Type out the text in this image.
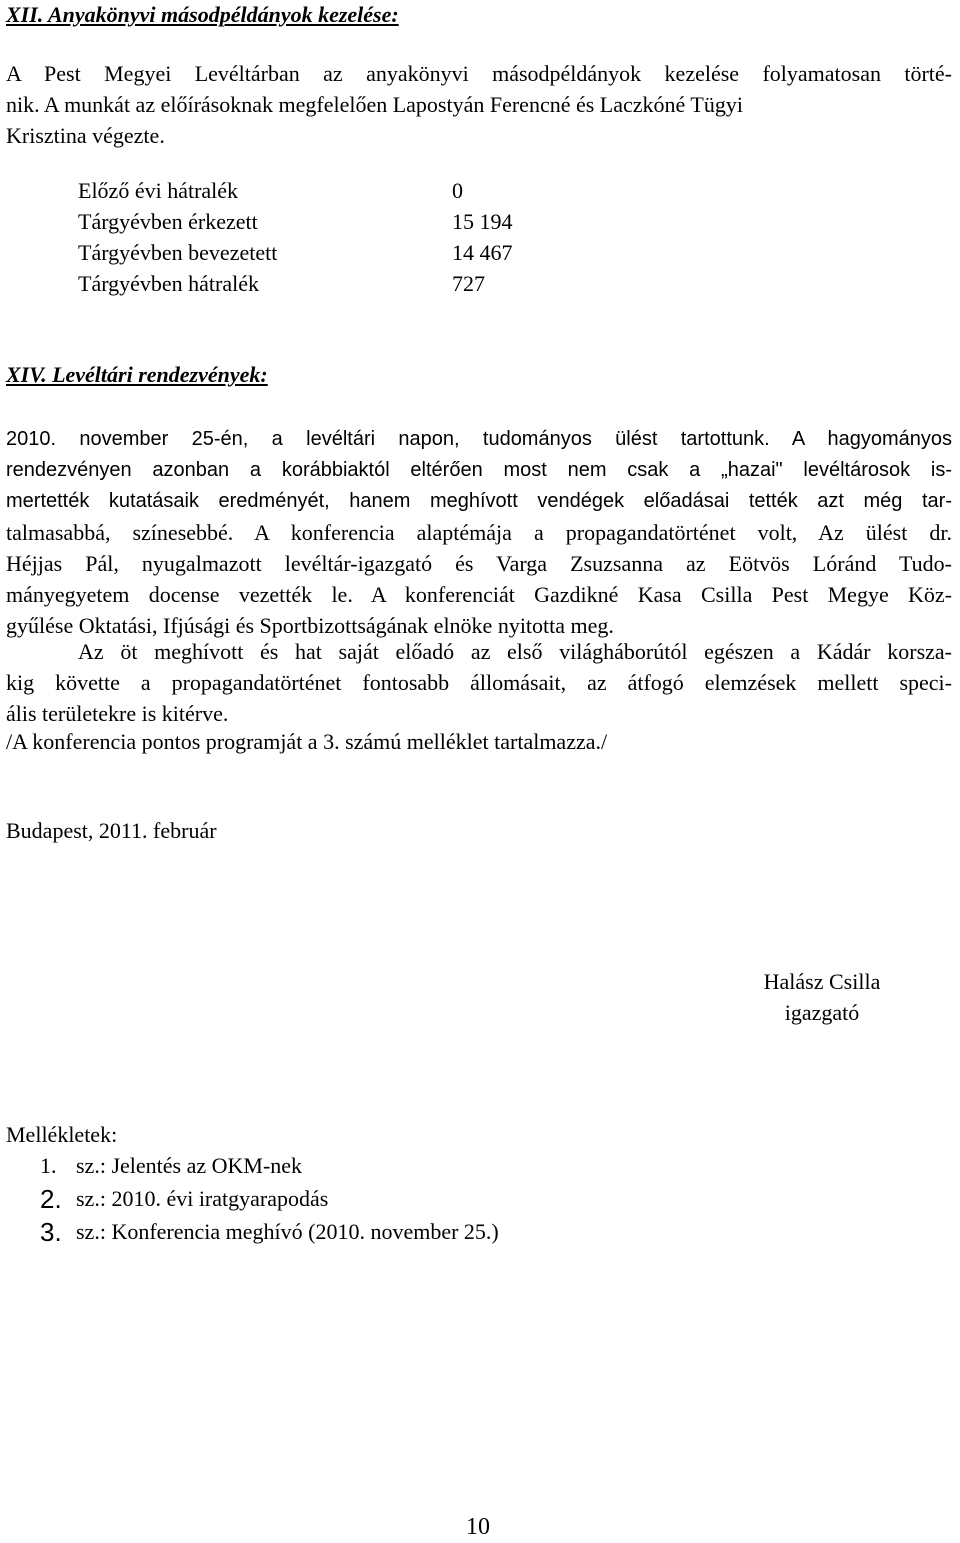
XII. Anyakönyvi másodpéldányok kezelése:
A Pest Megyei Levéltárban az anyakönyvi másodpéldányok kezelése folyamatosan törté-
nik. A munkát az előírásoknak megfelelően Lapostyán Ferencné és Laczkóné Tügyi
Krisztina végezte.
Előző évi hátralék	0
Tárgyévben érkezett	15 194
Tárgyévben bevezetett	14 467
Tárgyévben hátralék	727
XIV. Levéltári rendezvények:
2010. november 25-én, a levéltári napon, tudományos ülést tartottunk. A hagyományos
rendezvényen azonban a korábbiaktól eltérően most nem csak a „hazai" levéltárosok is-
mertették kutatásaik eredményét, hanem meghívott vendégek előadásai tették azt még tar-
talmasabbá, színesebbé. A konferencia alaptémája a propagandatörténet volt, Az ülést dr.
Héjjas Pál, nyugalmazott levéltár-igazgató és Varga Zsuzsanna az Eötvös Lóránd Tudo-
mányegyetem docense vezették le. A konferenciát Gazdikné Kasa Csilla Pest Megye Köz-
gyűlése Oktatási, Ifjúsági és Sportbizottságának elnöke nyitotta meg.
Az öt meghívott és hat saját előadó az első világháborútól egészen a Kádár korsza-
kig követte a propagandatörténet fontosabb állomásait, az átfogó elemzések mellett speci-
ális területekre is kitérve.
/A konferencia pontos programját a 3. számú melléklet tartalmazza./
Budapest, 2011. február
Halász Csilla
igazgató
Mellékletek:
1. sz.: Jelentés az OKM-nek
2. sz.: 2010. évi iratgyarapodás
3. sz.: Konferencia meghívó (2010. november 25.)
10
